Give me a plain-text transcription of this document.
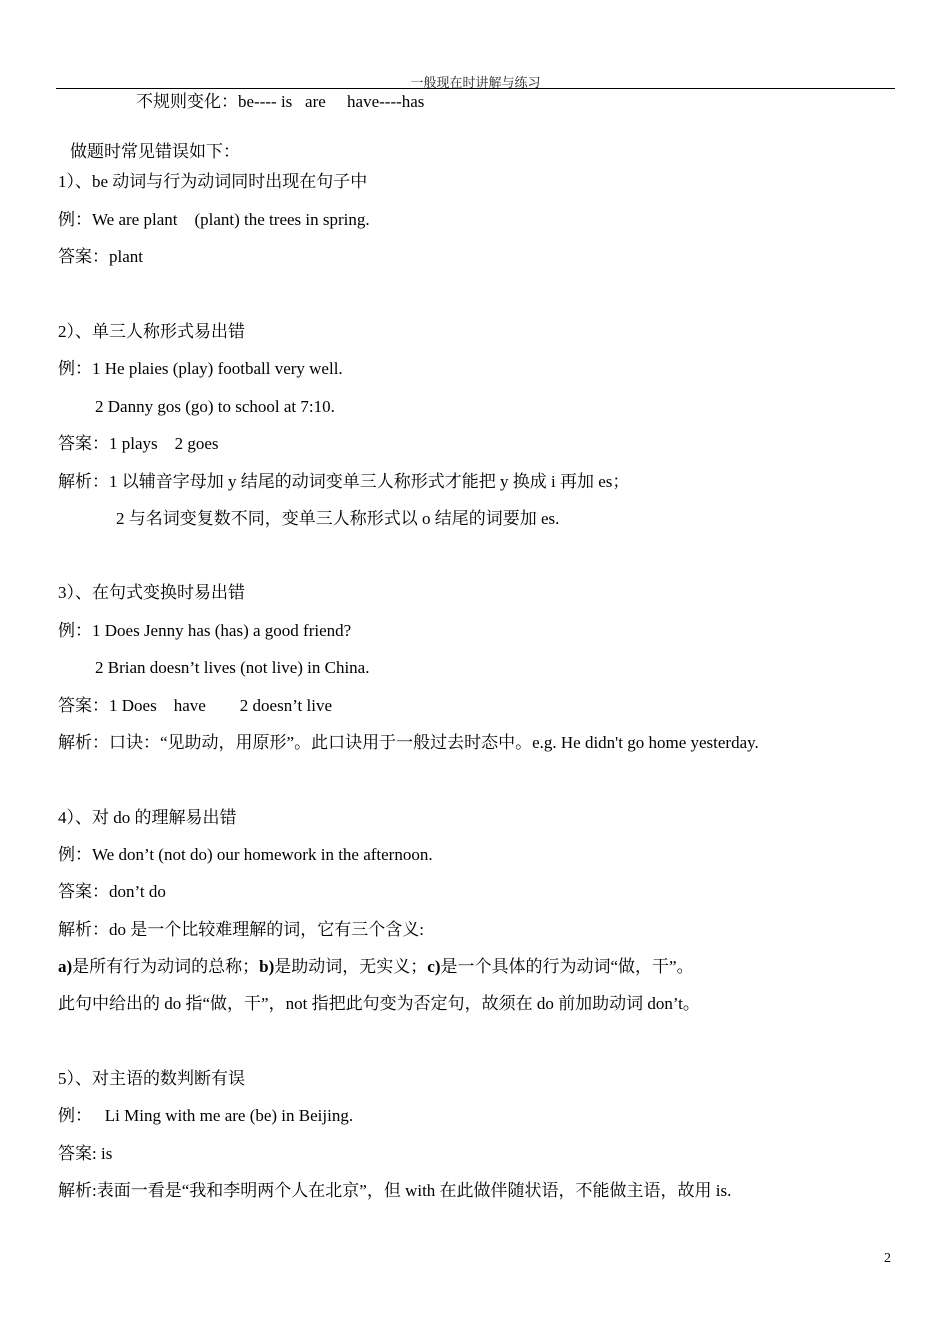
一般现在时讲解与练习
不规则变化：be---- is   are     have----has
做题时常见错误如下：
1）、be 动词与行为动词同时出现在句子中
例：We are plant    (plant) the trees in spring.
答案：plant
2）、单三人称形式易出错
例：1 He plaies (play) football very well.
2 Danny gos (go) to school at 7:10.
答案：1 plays    2 goes
解析：1 以辅音字母加 y 结尾的动词变单三人称形式才能把 y 换成 i 再加 es；
2 与名词变复数不同，变单三人称形式以 o 结尾的词要加 es.
3）、在句式变换时易出错
例：1 Does Jenny has (has) a good friend?
2 Brian doesn’t lives (not live) in China.
答案：1 Does    have        2 doesn’t live
解析：口诀：“见助动，用原形”。此口诀用于一般过去时态中。e.g. He didn't go home yesterday.
4）、对 do 的理解易出错
例：We don’t (not do) our homework in the afternoon.
答案：don’t do
解析：do 是一个比较难理解的词，它有三个含义:
a)是所有行为动词的总称；b)是助动词，无实义；c)是一个具体的行为动词“做，干”。
此句中给出的 do 指“做，干”，not 指把此句变为否定句，故须在 do 前加助动词 don’t。
5）、对主语的数判断有误
例：   Li Ming with me are (be) in Beijing.
答案: is
解析:表面一看是“我和李明两个人在北京”，但 with 在此做伴随状语，不能做主语，故用 is.
2
